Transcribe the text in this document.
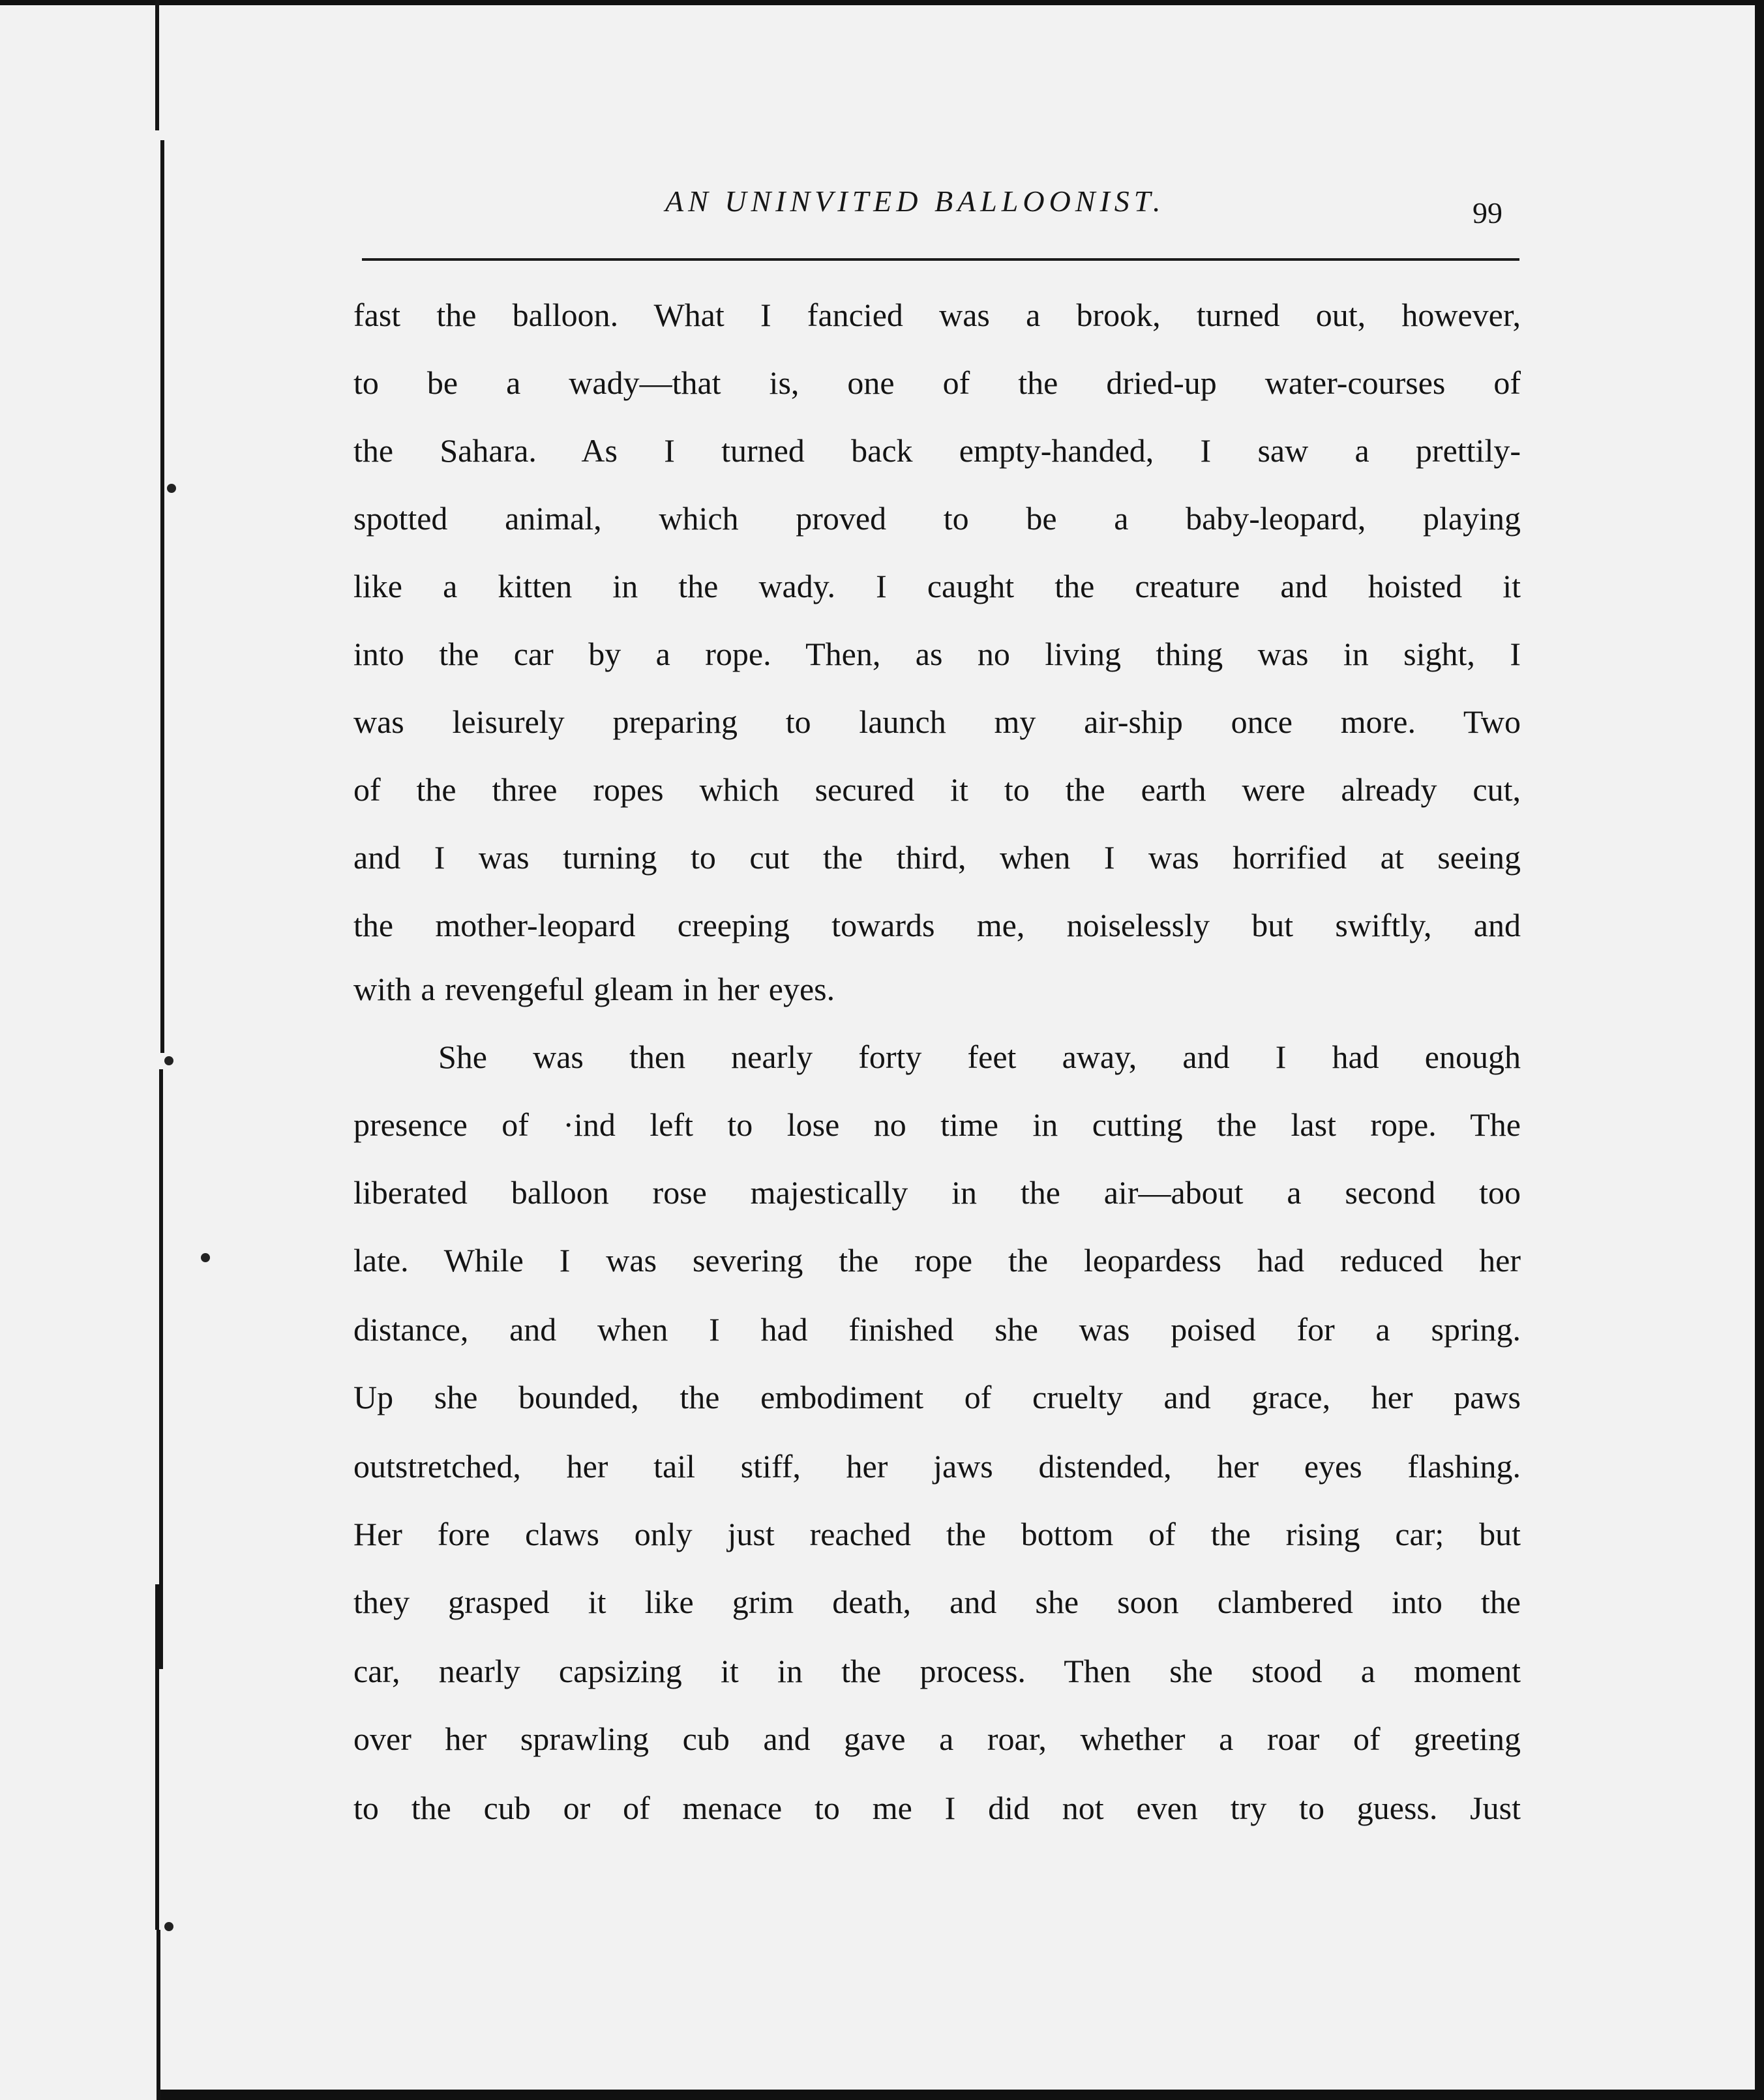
AN UNINVITED BALLOONIST.	99
fast the balloon. What I fancied was a brook, turned out, however,
to be a wady—that is, one of the dried-up water-courses of
the Sahara. As I turned back empty-handed, I saw a prettily-
spotted animal, which proved to be a baby-leopard, playing
like a kitten in the wady. I caught the creature and hoisted it
into the car by a rope. Then, as no living thing was in sight, I
was leisurely preparing to launch my air-ship once more. Two
of the three ropes which secured it to the earth were already cut,
and I was turning to cut the third, when I was horrified at seeing
the mother-leopard creeping towards me, noiselessly but swiftly, and
with a revengeful gleam in her eyes.
She was then nearly forty feet away, and I had enough
presence of ·ind left to lose no time in cutting the last rope. The
liberated balloon rose majestically in the air—about a second too
late. While I was severing the rope the leopardess had reduced her
distance, and when I had finished she was poised for a spring.
Up she bounded, the embodiment of cruelty and grace, her paws
outstretched, her tail stiff, her jaws distended, her eyes flashing.
Her fore claws only just reached the bottom of the rising car; but
they grasped it like grim death, and she soon clambered into the
car, nearly capsizing it in the process. Then she stood a moment
over her sprawling cub and gave a roar, whether a roar of greeting
to the cub or of menace to me I did not even try to guess. Just
